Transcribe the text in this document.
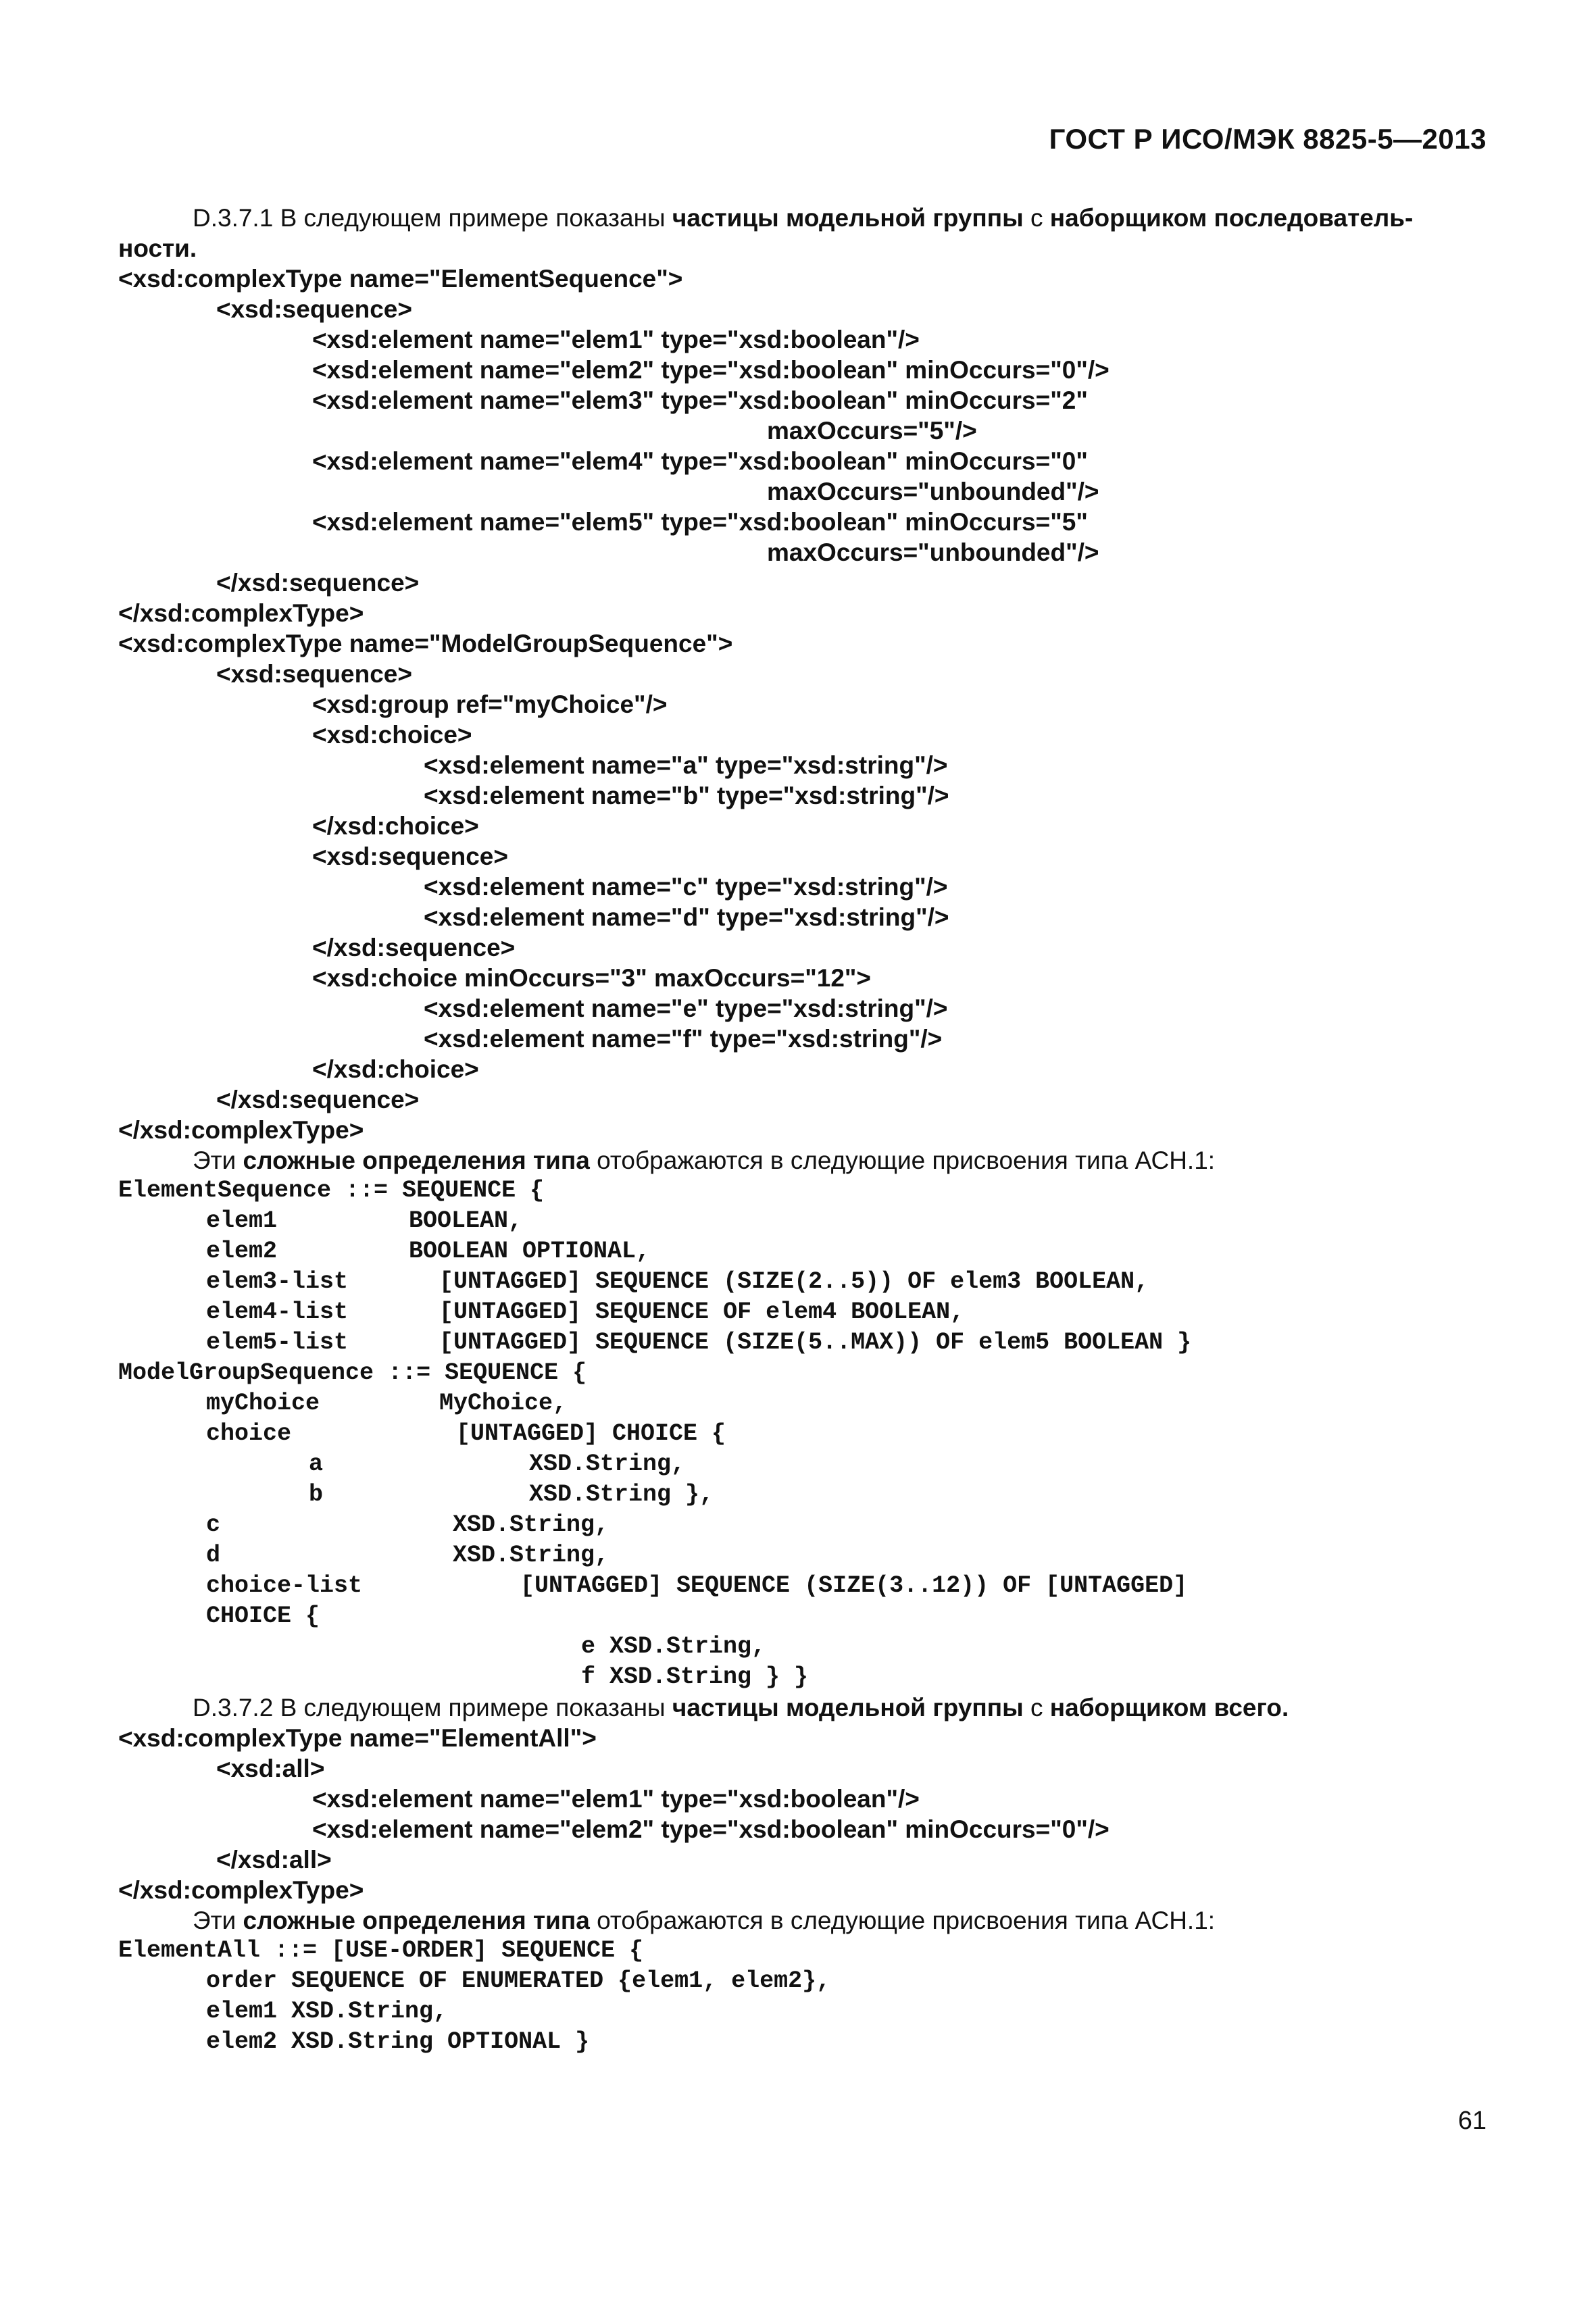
ГОСТ Р ИСО/МЭК 8825-5—2013
D.3.7.1 В следующем примере показаны частицы модельной группы с наборщиком последователь-
ности.
<xsd:complexType name="ElementSequence">
<xsd:sequence>
<xsd:element name="elem1" type="xsd:boolean"/>
<xsd:element name="elem2" type="xsd:boolean" minOccurs="0"/>
<xsd:element name="elem3" type="xsd:boolean" minOccurs="2"
maxOccurs="5"/>
<xsd:element name="elem4" type="xsd:boolean" minOccurs="0"
maxOccurs="unbounded"/>
<xsd:element name="elem5" type="xsd:boolean" minOccurs="5"
maxOccurs="unbounded"/>
</xsd:sequence>
</xsd:complexType>
<xsd:complexType name="ModelGroupSequence">
<xsd:sequence>
<xsd:group ref="myChoice"/>
<xsd:choice>
<xsd:element name="a" type="xsd:string"/>
<xsd:element name="b" type="xsd:string"/>
</xsd:choice>
<xsd:sequence>
<xsd:element name="c" type="xsd:string"/>
<xsd:element name="d" type="xsd:string"/>
</xsd:sequence>
<xsd:choice minOccurs="3" maxOccurs="12">
<xsd:element name="e" type="xsd:string"/>
<xsd:element name="f" type="xsd:string"/>
</xsd:choice>
</xsd:sequence>
</xsd:complexType>
Эти сложные определения типа отображаются в следующие присвоения типа АСН.1:
ElementSequence ::= SEQUENCE {
elem1	BOOLEAN,
elem2	BOOLEAN OPTIONAL,
elem3-list	[UNTAGGED] SEQUENCE (SIZE(2..5)) OF elem3 BOOLEAN,
elem4-list	[UNTAGGED] SEQUENCE OF elem4 BOOLEAN,
elem5-list	[UNTAGGED] SEQUENCE (SIZE(5..MAX)) OF elem5 BOOLEAN }
ModelGroupSequence ::= SEQUENCE {
myChoice	MyChoice,
choice	[UNTAGGED] CHOICE {
a	XSD.String,
b	XSD.String },
c	XSD.String,
d	XSD.String,
choice-list	[UNTAGGED] SEQUENCE (SIZE(3..12)) OF [UNTAGGED]
CHOICE {
e XSD.String,
f XSD.String } }
D.3.7.2 В следующем примере показаны частицы модельной группы с наборщиком всего.
<xsd:complexType name="ElementAll">
<xsd:all>
<xsd:element name="elem1" type="xsd:boolean"/>
<xsd:element name="elem2" type="xsd:boolean" minOccurs="0"/>
</xsd:all>
</xsd:complexType>
Эти сложные определения типа отображаются в следующие присвоения типа АСН.1:
ElementAll ::= [USE-ORDER] SEQUENCE {
order SEQUENCE OF ENUMERATED {elem1, elem2},
elem1 XSD.String,
elem2 XSD.String OPTIONAL }
61
